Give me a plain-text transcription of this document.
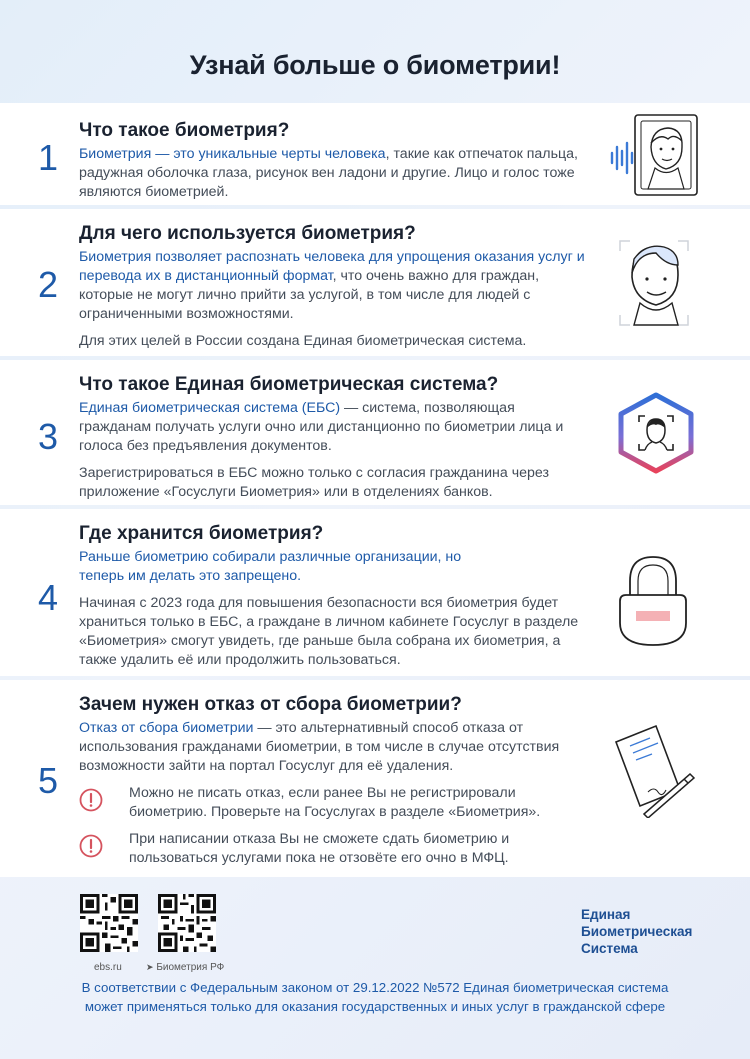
Узнай больше о биометрии!
1
Что такое биометрия?

Биометрия — это уникальные черты человека, такие как отпечаток пальца, радужная оболочка глаза, рисунок вен ладони и другие. Лицо и голос тоже являются биометрией.

2
Для чего используется биометрия?

Биометрия позволяет распознать человека для упрощения оказания услуг и перевода их в дистанционный формат, что очень важно для граждан, которые не могут лично прийти за услугой, в том числе для людей с ограниченными возможностями.

Для этих целей в России создана Единая биометрическая система.

3
Что такое Единая биометрическая система?

Единая биометрическая система (ЕБС) — система, позволяющая гражданам получать услуги очно или дистанционно по биометрии лица и голоса без предъявления документов.

Зарегистрироваться в ЕБС можно только с согласия гражданина через приложение «Госуслуги Биометрия» или в отделениях банков.

4
Где хранится биометрия?

Раньше биометрию собирали различные организации, но теперь им делать это запрещено.

Начиная с 2023 года для повышения безопасности вся биометрия будет храниться только в ЕБС, а граждане в личном кабинете Госуслуг в разделе «Биометрия» смогут увидеть, где раньше была собрана их биометрия, а также удалить её или продолжить пользоваться.

5
Зачем нужен отказ от сбора биометрии?

Отказ от сбора биометрии — это альтернативный способ отказа от использования гражданами биометрии, в том числе в случае отсутствия возможности зайти на портал Госуслуг для её удаления.

Можно не писать отказ, если ранее Вы не регистрировали биометрию. Проверьте на Госуслугах в разделе «Биометрия».

При написании отказа Вы не сможете сдать биометрию и пользоваться услугами пока не отзовёте его очно в МФЦ.

ebs.ru	➤ Биометрия РФ
Единая
Биометрическая
Система
В соответствии с Федеральным законом от 29.12.2022 №572 Единая биометрическая система
может применяться только для оказания государственных и иных услуг в гражданской сфере
